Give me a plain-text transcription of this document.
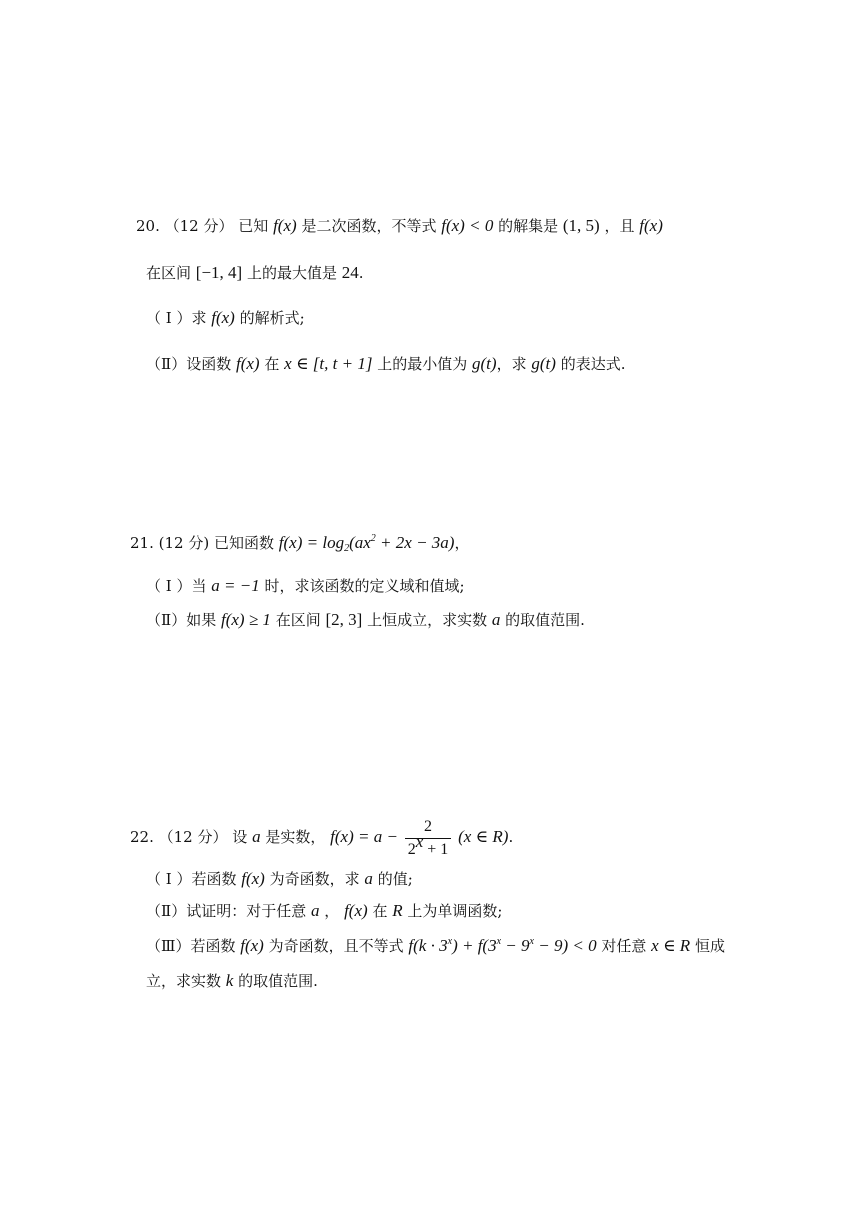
20. （12 分） 已知 f(x) 是二次函数，不等式 f(x) < 0 的解集是 (1, 5) ，且 f(x)
在区间 [−1, 4] 上的最大值是 24.
（ I ）求 f(x) 的解析式;
（Ⅱ）设函数 f(x) 在 x ∈ [t, t + 1] 上的最小值为 g(t)，求 g(t) 的表达式.
21. (12 分) 已知函数 $f(x) = \log_2(ax^2 + 2x - 3a)$，
（ I ）当 a = −1 时，求该函数的定义域和值域;
（Ⅱ）如果 f(x) ≥ 1 在区间 [2, 3] 上恒成立，求实数 a 的取值范围.
22. （12 分） 设 a 是实数， $f(x) = a - \frac{2}{2^x + 1} (x$ ∈ R).
（ I ）若函数 f(x) 为奇函数，求 a 的值;
（Ⅱ）试证明：对于任意 a ， f(x) 在 R 上为单调函数;
（Ⅲ）若函数 f(x) 为奇函数，且不等式 $f(k \cdot 3^x) + f(3^x - 9^x - 9) < 0$ 对任意 x ∈ R 恒成
立，求实数 k 的取值范围.
